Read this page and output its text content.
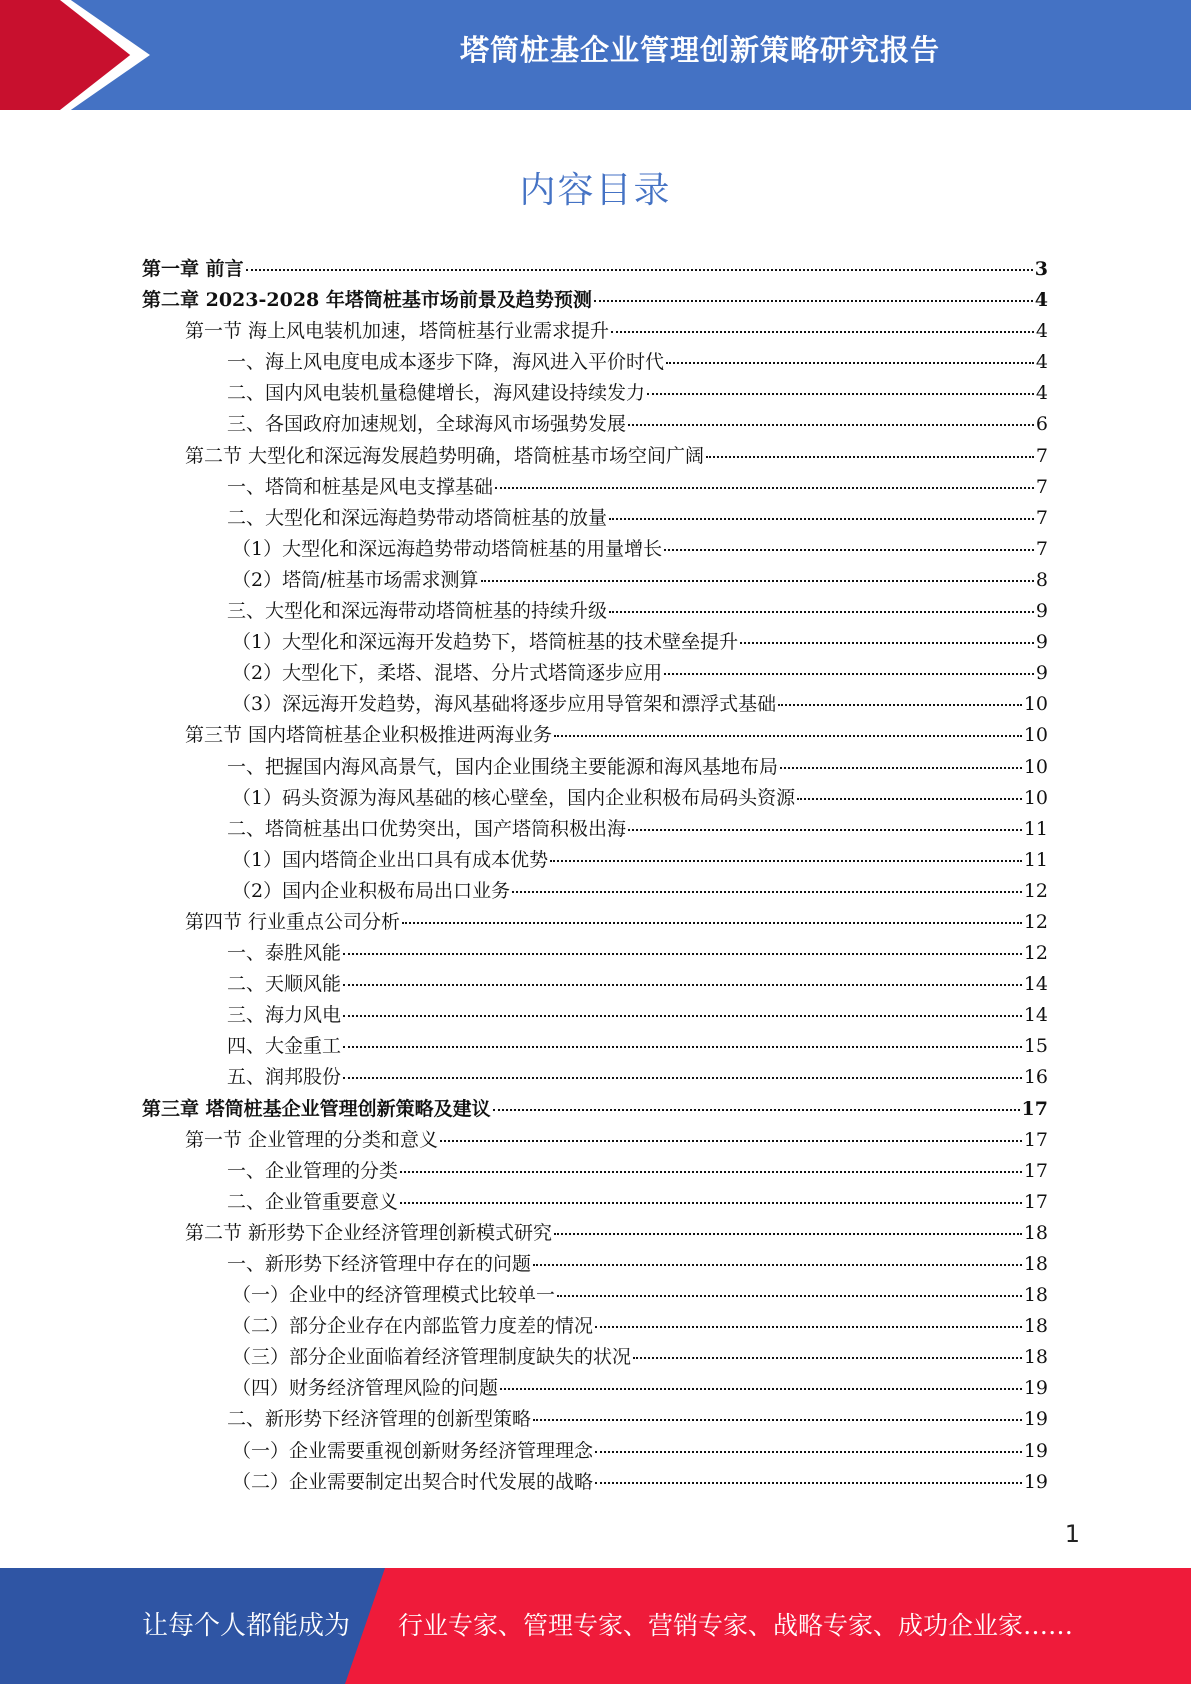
塔筒桩基企业管理创新策略研究报告
内容目录
第一章 前言	3
第二章 2023-2028 年塔筒桩基市场前景及趋势预测	4
第一节 海上风电装机加速，塔筒桩基行业需求提升	4
一、海上风电度电成本逐步下降，海风进入平价时代	4
二、国内风电装机量稳健增长，海风建设持续发力	4
三、各国政府加速规划，全球海风市场强势发展	6
第二节 大型化和深远海发展趋势明确，塔筒桩基市场空间广阔	7
一、塔筒和桩基是风电支撑基础	7
二、大型化和深远海趋势带动塔筒桩基的放量	7
（1）大型化和深远海趋势带动塔筒桩基的用量增长	7
（2）塔筒/桩基市场需求测算	8
三、大型化和深远海带动塔筒桩基的持续升级	9
（1）大型化和深远海开发趋势下，塔筒桩基的技术壁垒提升	9
（2）大型化下，柔塔、混塔、分片式塔筒逐步应用	9
（3）深远海开发趋势，海风基础将逐步应用导管架和漂浮式基础	10
第三节 国内塔筒桩基企业积极推进两海业务	10
一、把握国内海风高景气，国内企业围绕主要能源和海风基地布局	10
（1）码头资源为海风基础的核心壁垒，国内企业积极布局码头资源	10
二、塔筒桩基出口优势突出，国产塔筒积极出海	11
（1）国内塔筒企业出口具有成本优势	11
（2）国内企业积极布局出口业务	12
第四节 行业重点公司分析	12
一、泰胜风能	12
二、天顺风能	14
三、海力风电	14
四、大金重工	15
五、润邦股份	16
第三章 塔筒桩基企业管理创新策略及建议	17
第一节 企业管理的分类和意义	17
一、企业管理的分类	17
二、企业管重要意义	17
第二节 新形势下企业经济管理创新模式研究	18
一、新形势下经济管理中存在的问题	18
（一）企业中的经济管理模式比较单一	18
（二）部分企业存在内部监管力度差的情况	18
（三）部分企业面临着经济管理制度缺失的状况	18
（四）财务经济管理风险的问题	19
二、新形势下经济管理的创新型策略	19
（一）企业需要重视创新财务经济管理理念	19
（二）企业需要制定出契合时代发展的战略	19
1
让每个人都能成为 行业专家、管理专家、营销专家、战略专家、成功企业家……
